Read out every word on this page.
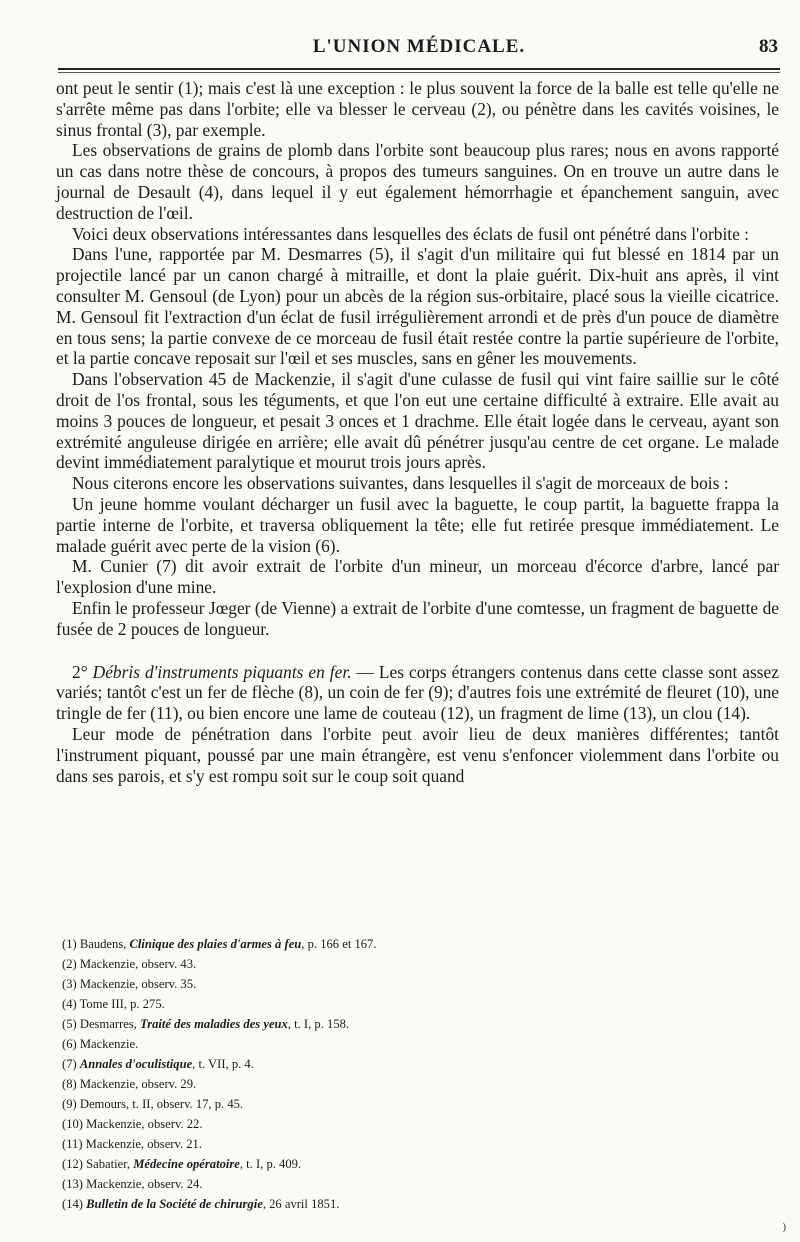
L'UNION MÉDICALE.	83

ont peut le sentir (1); mais c'est là une exception : le plus souvent la force de la balle est telle qu'elle ne s'arrête même pas dans l'orbite; elle va blesser le cerveau (2), ou pénètre dans les cavités voisines, le sinus frontal (3), par exemple.

Les observations de grains de plomb dans l'orbite sont beaucoup plus rares; nous en avons rapporté un cas dans notre thèse de concours, à propos des tumeurs sanguines. On en trouve un autre dans le journal de Desault (4), dans lequel il y eut également hémorrhagie et épanchement sanguin, avec destruction de l'œil.

Voici deux observations intéressantes dans lesquelles des éclats de fusil ont pénétré dans l'orbite :

Dans l'une, rapportée par M. Desmarres (5), il s'agit d'un militaire qui fut blessé en 1814 par un projectile lancé par un canon chargé à mitraille, et dont la plaie guérit. Dix-huit ans après, il vint consulter M. Gensoul (de Lyon) pour un abcès de la région sus-orbitaire, placé sous la vieille cicatrice. M. Gensoul fit l'extraction d'un éclat de fusil irrégulièrement arrondi et de près d'un pouce de diamètre en tous sens; la partie convexe de ce morceau de fusil était restée contre la partie supérieure de l'orbite, et la partie concave reposait sur l'œil et ses muscles, sans en gêner les mouvements.

Dans l'observation 45 de Mackenzie, il s'agit d'une culasse de fusil qui vint faire saillie sur le côté droit de l'os frontal, sous les téguments, et que l'on eut une certaine difficulté à extraire. Elle avait au moins 3 pouces de longueur, et pesait 3 onces et 1 drachme. Elle était logée dans le cerveau, ayant son extrémité anguleuse dirigée en arrière; elle avait dû pénétrer jusqu'au centre de cet organe. Le malade devint immédiatement paralytique et mourut trois jours après.

Nous citerons encore les observations suivantes, dans lesquelles il s'agit de morceaux de bois :

Un jeune homme voulant décharger un fusil avec la baguette, le coup partit, la baguette frappa la partie interne de l'orbite, et traversa obliquement la tête; elle fut retirée presque immédiatement. Le malade guérit avec perte de la vision (6).

M. Cunier (7) dit avoir extrait de l'orbite d'un mineur, un morceau d'écorce d'arbre, lancé par l'explosion d'une mine.

Enfin le professeur Jœger (de Vienne) a extrait de l'orbite d'une comtesse, un fragment de baguette de fusée de 2 pouces de longueur.

2° Débris d'instruments piquants en fer. — Les corps étrangers contenus dans cette classe sont assez variés; tantôt c'est un fer de flèche (8), un coin de fer (9); d'autres fois une extrémité de fleuret (10), une tringle de fer (11), ou bien encore une lame de couteau (12), un fragment de lime (13), un clou (14).

Leur mode de pénétration dans l'orbite peut avoir lieu de deux manières différentes; tantôt l'instrument piquant, poussé par une main étrangère, est venu s'enfoncer violemment dans l'orbite ou dans ses parois, et s'y est rompu soit sur le coup soit quand

(1) Baudens, Clinique des plaies d'armes à feu, p. 166 et 167.
(2) Mackenzie, observ. 43.
(3) Mackenzie, observ. 35.
(4) Tome III, p. 275.
(5) Desmarres, Traité des maladies des yeux, t. I, p. 158.
(6) Mackenzie.
(7) Annales d'oculistique, t. VII, p. 4.
(8) Mackenzie, observ. 29.
(9) Demours, t. II, observ. 17, p. 45.
(10) Mackenzie, observ. 22.
(11) Mackenzie, observ. 21.
(12) Sabatier, Médecine opératoire, t. I, p. 409.
(13) Mackenzie, observ. 24.
(14) Bulletin de la Société de chirurgie, 26 avril 1851.
)
